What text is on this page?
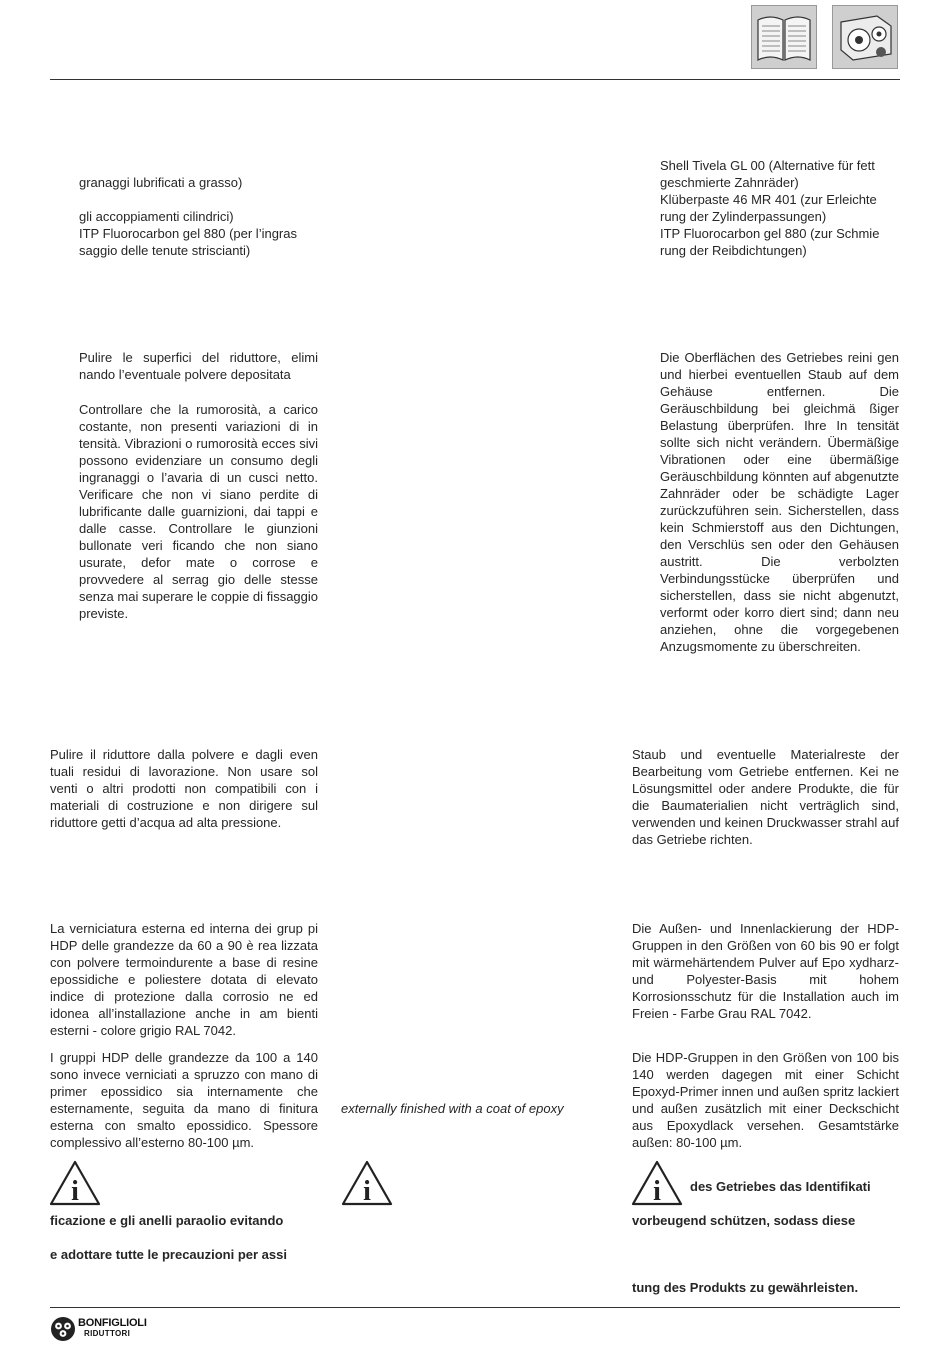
granaggi lubrificati a grasso)
gli accoppiamenti cilindrici)
ITP Fluorocarbon gel 880 (per l’ingras
saggio delle tenute striscianti)
Pulire le superfici del riduttore, elimi nando l’eventuale polvere depositata
Controllare che la rumorosità, a carico costante, non presenti variazioni di in tensità. Vibrazioni o rumorosità ecces sivi possono evidenziare un consumo degli ingranaggi o l’avaria di un cusci netto. Verificare che non vi siano perdite di lubrificante dalle guarnizioni, dai tappi e dalle casse. Controllare le giunzioni bullonate veri ficando che non siano usurate, defor mate o corrose e provvedere al serrag gio delle stesse senza mai superare le coppie di fissaggio previste.
Pulire il riduttore dalla polvere e dagli even tuali residui di lavorazione. Non usare sol venti o altri prodotti non compatibili con i materiali di costruzione e non dirigere sul riduttore getti d’acqua ad alta pressione.
La verniciatura esterna ed interna dei grup pi HDP delle grandezze da 60 a 90 è rea lizzata con polvere termoindurente a base di resine epossidiche e poliestere dotata di elevato indice di protezione dalla corrosio ne ed idonea all’installazione anche in am bienti esterni - colore grigio RAL 7042.
I gruppi HDP delle grandezze da 100 a 140 sono invece verniciati a spruzzo con mano di primer epossidico sia internamente che esternamente, seguita da mano di finitura esterna con smalto epossidico. Spessore complessivo all’esterno 80-100 µm.
i	i	i
ficazione e gli anelli paraolio evitando
e adottare tutte le precauzioni per assi
externally finished with a coat of epoxy
Shell Tivela GL 00 (Alternative für fett
geschmierte Zahnräder)
Klüberpaste 46 MR 401 (zur Erleichte
rung der Zylinderpassungen)
ITP Fluorocarbon gel 880 (zur Schmie
rung der Reibdichtungen)
Die Oberflächen des Getriebes reini gen und hierbei eventuellen Staub auf dem Gehäuse entfernen. Die Geräuschbildung bei gleichmä ßiger Belastung überprüfen. Ihre In tensität sollte sich nicht verändern. Übermäßige Vibrationen oder eine übermäßige Geräuschbildung könnten auf abgenutzte Zahnräder oder be schädigte Lager zurückzuführen sein. Sicherstellen, dass kein Schmierstoff aus den Dichtungen, den Verschlüs sen oder den Gehäusen austritt. Die verbolzten Verbindungsstücke überprüfen und sicherstellen, dass sie nicht abgenutzt, verformt oder korro diert sind; dann neu anziehen, ohne die vorgegebenen Anzugsmomente zu überschreiten.
Staub und eventuelle Materialreste der Bearbeitung vom Getriebe entfernen. Kei ne Lösungsmittel oder andere Produkte, die für die Baumaterialien nicht verträglich sind, verwenden und keinen Druckwasser strahl auf das Getriebe richten.
Die Außen- und Innenlackierung der HDP-Gruppen in den Größen von 60 bis 90 er folgt mit wärmehärtendem Pulver auf Epo xydharz- und Polyester-Basis mit hohem Korrosionsschutz für die Installation auch im Freien - Farbe Grau RAL 7042.
Die HDP-Gruppen in den Größen von 100 bis 140 werden dagegen mit einer Schicht Epoxyd-Primer innen und außen spritz lackiert und außen zusätzlich mit einer Deckschicht aus Epoxydlack versehen. Gesamtstärke außen: 80-100 µm.
des Getriebes das Identifikati
vorbeugend schützen, sodass diese
tung des Produkts zu gewährleisten.
BONFIGLIOLI
RIDUTTORI
